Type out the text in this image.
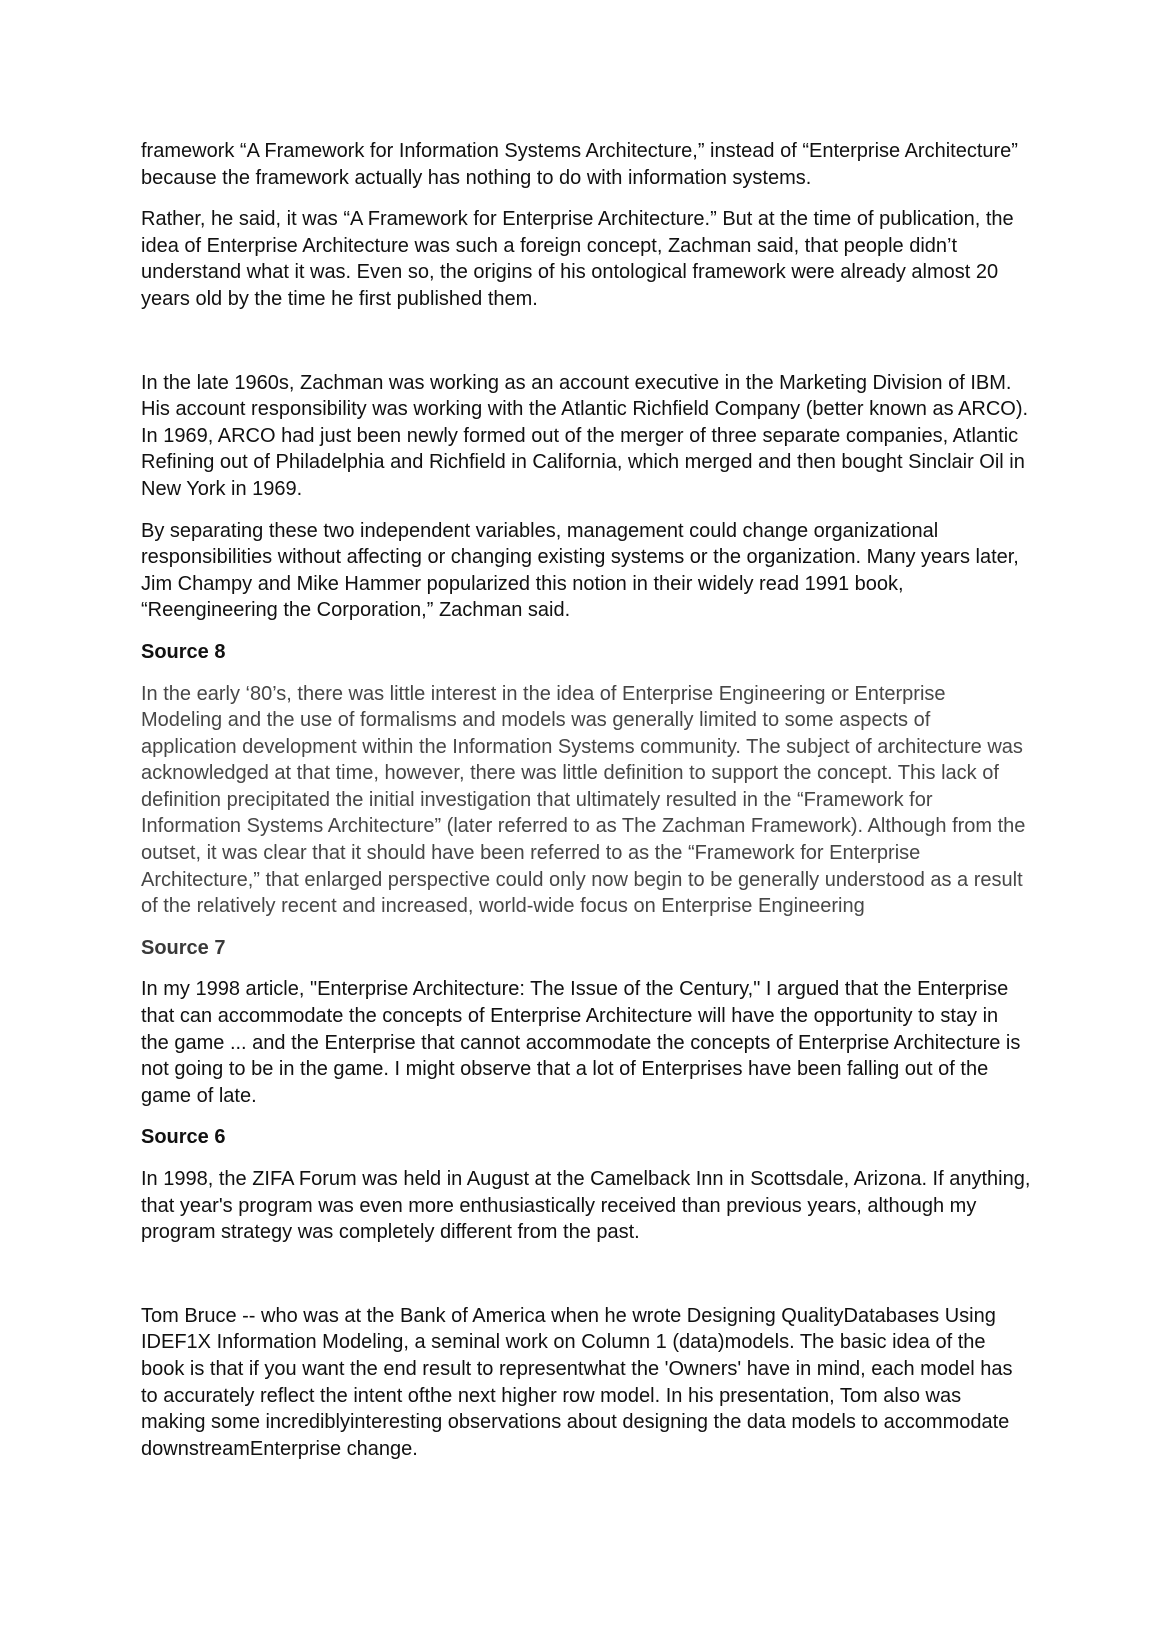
framework “A Framework for Information Systems Architecture,” instead of “Enterprise Architecture” because the framework actually has nothing to do with information systems.

Rather, he said, it was “A Framework for Enterprise Architecture.” But at the time of publication, the idea of Enterprise Architecture was such a foreign concept, Zachman said, that people didn’t understand what it was. Even so, the origins of his ontological framework were already almost 20 years old by the time he first published them.

In the late 1960s, Zachman was working as an account executive in the Marketing Division of IBM. His account responsibility was working with the Atlantic Richfield Company (better known as ARCO). In 1969, ARCO had just been newly formed out of the merger of three separate companies, Atlantic Refining out of Philadelphia and Richfield in California, which merged and then bought Sinclair Oil in New York in 1969.

By separating these two independent variables, management could change organizational responsibilities without affecting or changing existing systems or the organization. Many years later, Jim Champy and Mike Hammer popularized this notion in their widely read 1991 book, “Reengineering the Corporation,” Zachman said.

Source 8

In the early ‘80’s, there was little interest in the idea of Enterprise Engineering or Enterprise Modeling and the use of formalisms and models was generally limited to some aspects of application development within the Information Systems community. The subject of architecture was acknowledged at that time, however, there was little definition to support the concept. This lack of definition precipitated the initial investigation that ultimately resulted in the “Framework for Information Systems Architecture” (later referred to as The Zachman Framework). Although from the outset, it was clear that it should have been referred to as the “Framework for Enterprise Architecture,” that enlarged perspective could only now begin to be generally understood as a result of the relatively recent and increased, world-wide focus on Enterprise Engineering

Source 7

In my 1998 article, "Enterprise Architecture: The Issue of the Century," I argued that the Enterprise that can accommodate the concepts of Enterprise Architecture will have the opportunity to stay in the game ... and the Enterprise that cannot accommodate the concepts of Enterprise Architecture is not going to be in the game. I might observe that a lot of Enterprises have been falling out of the game of late.

Source 6

In 1998, the ZIFA Forum was held in August at the Camelback Inn in Scottsdale, Arizona. If anything, that year's program was even more enthusiastically received than previous years, although my program strategy was completely different from the past.

Tom Bruce -- who was at the Bank of America when he wrote Designing QualityDatabases Using IDEF1X Information Modeling, a seminal work on Column 1 (data)models. The basic idea of the book is that if you want the end result to representwhat the 'Owners' have in mind, each model has to accurately reflect the intent ofthe next higher row model. In his presentation, Tom also was making some incrediblyinteresting observations about designing the data models to accommodate downstreamEnterprise change.
